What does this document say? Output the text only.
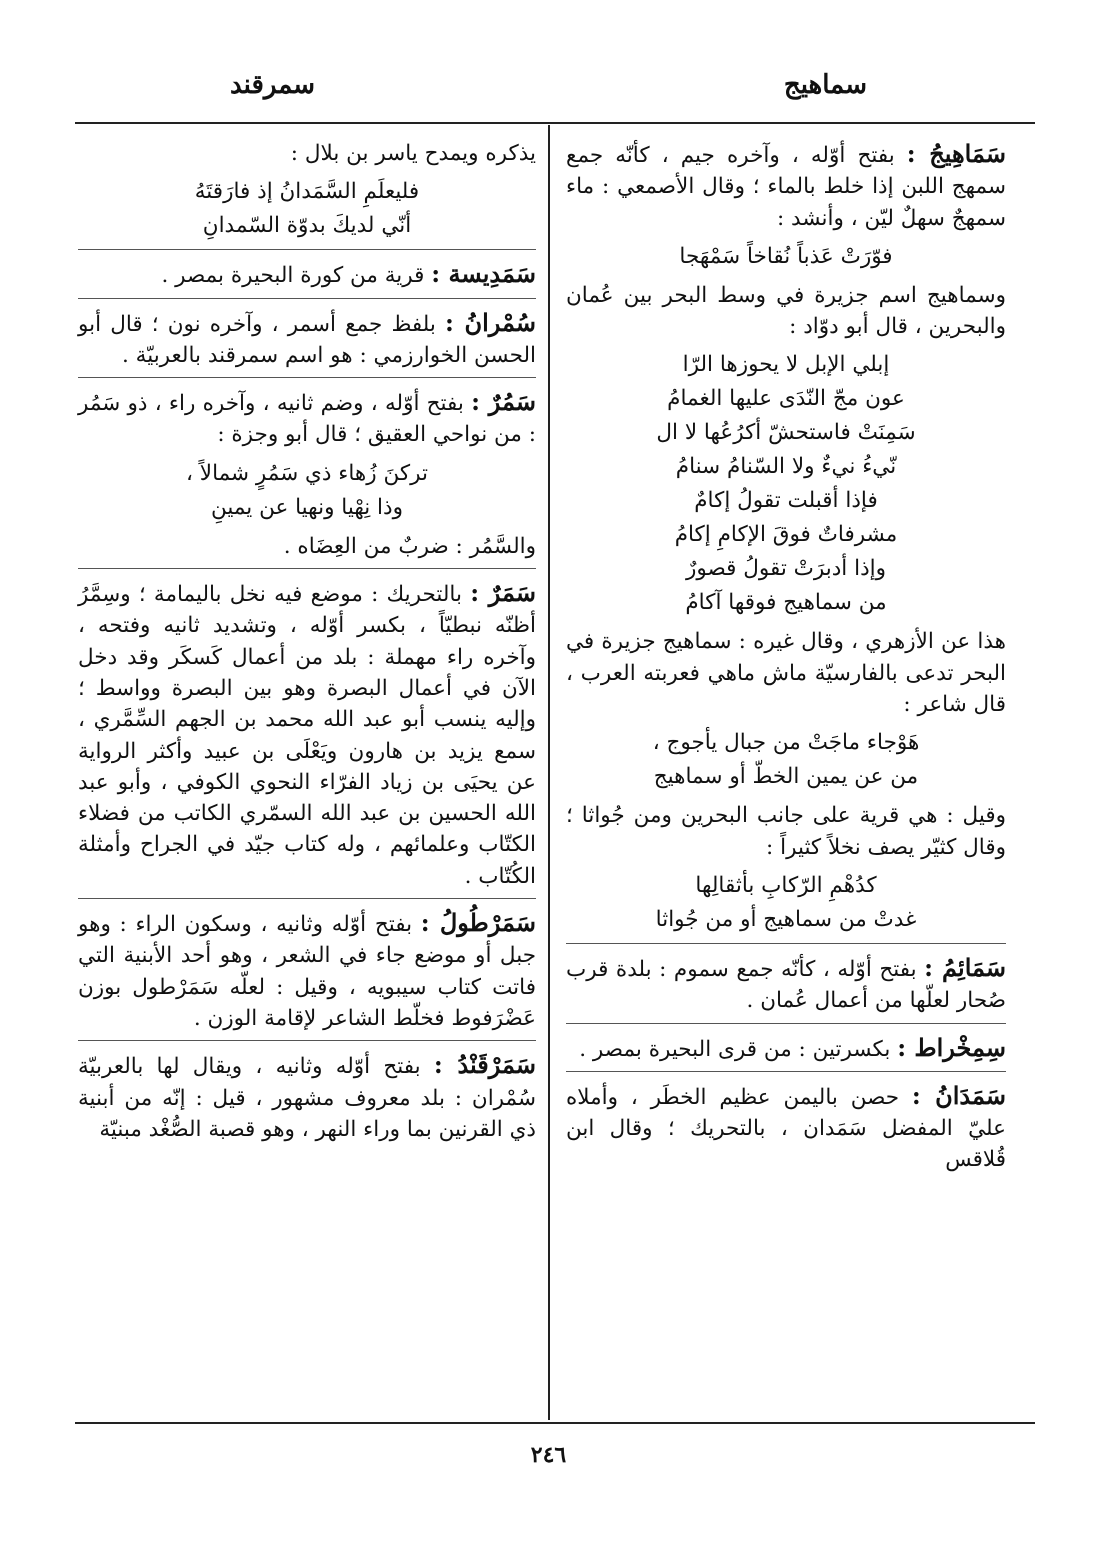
سماهيج
سمرقند
سَمَاهِيجُ : بفتح أوّله ، وآخره جيم ، كأنّه جمع سمهج اللبن إذا خلط بالماء ؛ وقال الأصمعي : ماء سمهجٌ سهلٌ ليّن ، وأنشد :
فوّرَتْ عَذباً نُقاخاً سَمْهَجا
وسماهيج اسم جزيرة في وسط البحر بين عُمان والبحرين ، قال أبو دوّاد :
إبلي الإبل لا يحوزها الرّا
عون مجّ النّدَى عليها الغمامُ
سَمِنَتْ فاستحشّ أكرُعُها لا ال
نّيءُ نيءٌ ولا السّنامُ سنامُ
فإذا أقبلت تقولُ إكامٌ
مشرفاتٌ فوقَ الإكامِ إكامُ
وإذا أدبرَتْ تقولُ قصورٌ
من سماهيج فوقها آكامُ
هذا عن الأزهري ، وقال غيره : سماهيج جزيرة في البحر تدعى بالفارسيّة ماش ماهي فعربته العرب ، قال شاعر :
هَوْجاء ماجَتْ من جبال يأجوج ،
من عن يمين الخطّ أو سماهيج
وقيل : هي قرية على جانب البحرين ومن جُواثا ؛ وقال كثيّر يصف نخلاً كثيراً :
كدُهْمِ الرّكابِ بأثقالِها
غدتْ من سماهيج أو من جُواثا
سَمَائِمُ : بفتح أوّله ، كأنّه جمع سموم : بلدة قرب صُحار لعلّها من أعمال عُمان .
سِمِخْراط : بكسرتين : من قرى البحيرة بمصر .
سَمَدَانُ : حصن باليمن عظيم الخطَر ، وأملاه عليّ المفضل سَمَدان ، بالتحريك ؛ وقال ابن قُلاقس
يذكره ويمدح ياسر بن بلال :
فليعلَمِ السَّمَدانُ إذ فارَقتَهُ
أنّي لديكَ بدوّة السّمدانِ
سَمَدِيسة : قرية من كورة البحيرة بمصر .
سُمْرانُ : بلفظ جمع أسمر ، وآخره نون ؛ قال أبو الحسن الخوارزمي : هو اسم سمرقند بالعربيّة .
سَمُرٌ : بفتح أوّله ، وضم ثانيه ، وآخره راء ، ذو سَمُر : من نواحي العقيق ؛ قال أبو وجزة :
تركنَ زُهاء ذي سَمُرٍ شمالاً ،
وذا نِهْيا ونهيا عن يمينِ
والسَّمُر : ضربٌ من العِضَاه .
سَمَرٌ : بالتحريك : موضع فيه نخل باليمامة ؛ وسِمَّرُ أظنّه نبطيّاً ، بكسر أوّله ، وتشديد ثانيه وفتحه ، وآخره راء مهملة : بلد من أعمال كَسكَر وقد دخل الآن في أعمال البصرة وهو بين البصرة وواسط ؛ وإليه ينسب أبو عبد الله محمد بن الجهم السِّمَّري ، سمع يزيد بن هارون ويَعْلَى بن عبيد وأكثر الرواية عن يحيَى بن زياد الفرّاء النحوي الكوفي ، وأبو عبد الله الحسين بن عبد الله السمّري الكاتب من فضلاء الكتّاب وعلمائهم ، وله كتاب جيّد في الجراح وأمثلة الكُتّاب .
سَمَرْطُولُ : بفتح أوّله وثانيه ، وسكون الراء : وهو جبل أو موضع جاء في الشعر ، وهو أحد الأبنية التي فاتت كتاب سيبويه ، وقيل : لعلّه سَمَرْطول بوزن عَضْرَفوط فخلّط الشاعر لإقامة الوزن .
سَمَرْقَنْدُ : بفتح أوّله وثانيه ، ويقال لها بالعربيّة سُمْران : بلد معروف مشهور ، قيل : إنّه من أبنية ذي القرنين بما وراء النهر ، وهو قصبة الصُّغْد مبنيّة
٢٤٦
